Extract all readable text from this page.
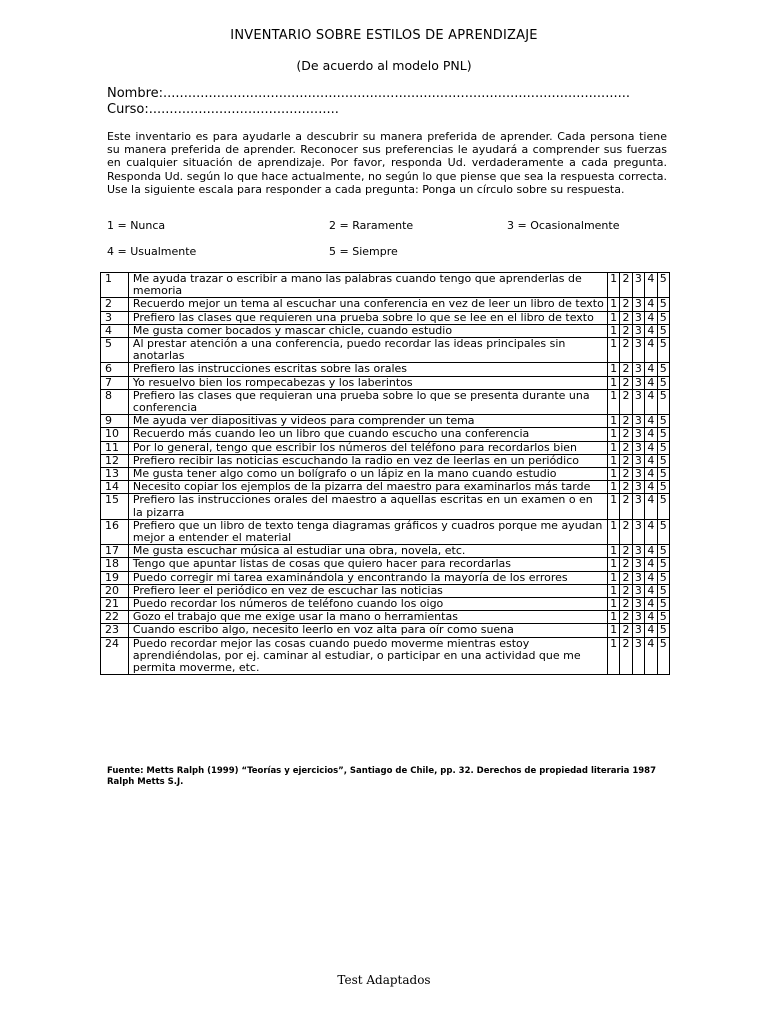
INVENTARIO SOBRE ESTILOS DE APRENDIZAJE
(De acuerdo al modelo PNL)
Nombre:.................................................................................................................
Curso:..............................................
Este inventario es para ayudarle a descubrir su manera preferida de aprender. Cada persona tiene su manera preferida de aprender. Reconocer sus preferencias le ayudará a comprender sus fuerzas en cualquier situación de aprendizaje. Por favor, responda Ud. verdaderamente a cada pregunta. Responda Ud. según lo que hace actualmente, no según lo que piense que sea la respuesta correcta. Use la siguiente escala para responder a cada pregunta: Ponga un círculo sobre su respuesta.
1 = Nunca	2 = Raramente	3 = Ocasionalmente
4 = Usualmente	5 = Siempre
1	Me ayuda trazar o escribir a mano las palabras cuando tengo que aprenderlas de memoria	1	2	3	4	5
2	Recuerdo mejor un tema al escuchar una conferencia en vez de leer un libro de texto	1	2	3	4	5
3	Prefiero las clases que requieren una prueba sobre lo que se lee en el libro de texto	1	2	3	4	5
4	Me gusta comer bocados y mascar chicle, cuando estudio	1	2	3	4	5
5	Al prestar atención a una conferencia, puedo recordar las ideas principales sin anotarlas	1	2	3	4	5
6	Prefiero las instrucciones escritas sobre las orales	1	2	3	4	5
7	Yo resuelvo bien los rompecabezas y los laberintos	1	2	3	4	5
8	Prefiero las clases que requieran una prueba sobre lo que se presenta durante una conferencia	1	2	3	4	5
9	Me ayuda ver diapositivas y videos para comprender un tema	1	2	3	4	5
10	Recuerdo más cuando leo un libro que cuando escucho una conferencia	1	2	3	4	5
11	Por lo general, tengo que escribir los números del teléfono para recordarlos bien	1	2	3	4	5
12	Prefiero recibir las noticias escuchando la radio en vez de leerlas en un periódico	1	2	3	4	5
13	Me gusta tener algo como un bolígrafo o un lápiz en la mano cuando estudio	1	2	3	4	5
14	Necesito copiar los ejemplos de la pizarra del maestro para examinarlos más tarde	1	2	3	4	5
15	Prefiero las instrucciones orales del maestro a aquellas escritas en un examen o en la pizarra	1	2	3	4	5
16	Prefiero que un libro de texto tenga diagramas gráficos y cuadros porque me ayudan mejor a entender el material	1	2	3	4	5
17	Me gusta escuchar música al estudiar una obra, novela, etc.	1	2	3	4	5
18	Tengo que apuntar listas de cosas que quiero hacer para recordarlas	1	2	3	4	5
19	Puedo corregir mi tarea examinándola y encontrando la mayoría de los errores	1	2	3	4	5
20	Prefiero leer el periódico en vez de escuchar las noticias	1	2	3	4	5
21	Puedo recordar los números de teléfono cuando los oigo	1	2	3	4	5
22	Gozo el trabajo que me exige usar la mano o herramientas	1	2	3	4	5
23	Cuando escribo algo, necesito leerlo en voz alta para oír como suena	1	2	3	4	5
24	Puedo recordar mejor las cosas cuando puedo moverme mientras estoy aprendiéndolas, por ej. caminar al estudiar, o participar en una actividad que me permita moverme, etc.	1	2	3	4	5
Fuente: Metts Ralph (1999) “Teorías y ejercicios”, Santiago de Chile, pp. 32. Derechos de propiedad literaria 1987 Ralph Metts S.J.
Test Adaptados
